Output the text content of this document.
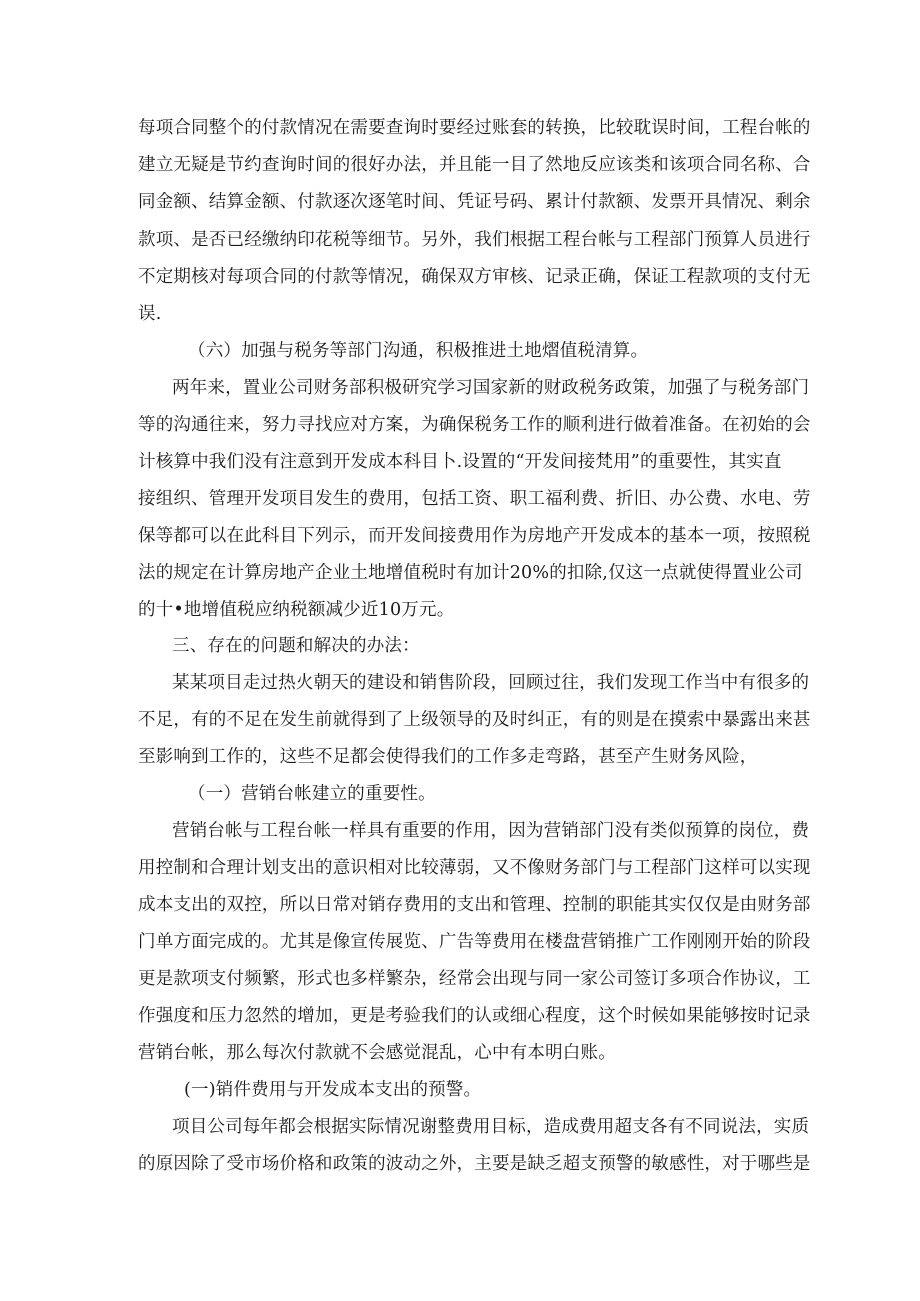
每项合同整个的付款情况在需要查询时要经过账套的转换，比较耽误时间，工程台帐的
建立无疑是节约查询时间的很好办法，并且能一目了然地反应该类和该项合同名称、合
同金额、结算金额、付款逐次逐笔时间、凭证号码、累计付款额、发票开具情况、剩余
款项、是否已经缴纳印花税等细节。另外，我们根据工程台帐与工程部门预算人员进行
不定期核对每项合同的付款等情况，确保双方审核、记录正确，保证工程款项的支付无
误.
（六）加强与税务等部门沟通，积极推进土地熠值税清算。
两年来，置业公司财务部积极研究学习国家新的财政税务政策，加强了与税务部门
等的沟通往来，努力寻找应对方案，为确保税务工作的顺利进行做着准备。在初始的会
计核算中我们没有注意到开发成本科目卜.设置的“开发间接梵用”的重要性，其实直
接组织、管理开发项目发生的费用，包括工资、职工福利费、折旧、办公费、水电、劳
保等都可以在此科目下列示，而开发间接费用作为房地产开发成本的基本一项，按照税
法的规定在计算房地产企业土地增值税时有加计20%的扣除,仅这一点就使得置业公司
的十•地增值税应纳税额减少近10万元。
三、存在的问题和解决的办法：
某某项目走过热火朝天的建设和销售阶段，回顾过往，我们发现工作当中有很多的
不足，有的不足在发生前就得到了上级领导的及时纠正，有的则是在摸索中暴露出来甚
至影响到工作的，这些不足都会使得我们的工作多走弯路，甚至产生财务风险，
（一）营销台帐建立的重要性。
营销台帐与工程台帐一样具有重要的作用，因为营销部门没有类似预算的岗位，费
用控制和合理计划支出的意识相对比较薄弱，又不像财务部门与工程部门这样可以实现
成本支出的双控，所以日常对销存费用的支出和管理、控制的职能其实仅仅是由财务部
门单方面完成的。尤其是像宣传展览、广告等费用在楼盘营销推广工作刚刚开始的阶段
更是款项支付频繁，形式也多样繁杂，经常会出现与同一家公司签订多项合作协议，工
作强度和压力忽然的增加，更是考验我们的认或细心程度，这个时候如果能够按时记录
营销台帐，那么每次付款就不会感觉混乱，心中有本明白账。
(一)销件费用与开发成本支出的预警。
项目公司每年都会根据实际情况谢整费用目标，造成费用超支各有不同说法，实质
的原因除了受市场价格和政策的波动之外，主要是缺乏超支预警的敏感性，对于哪些是
